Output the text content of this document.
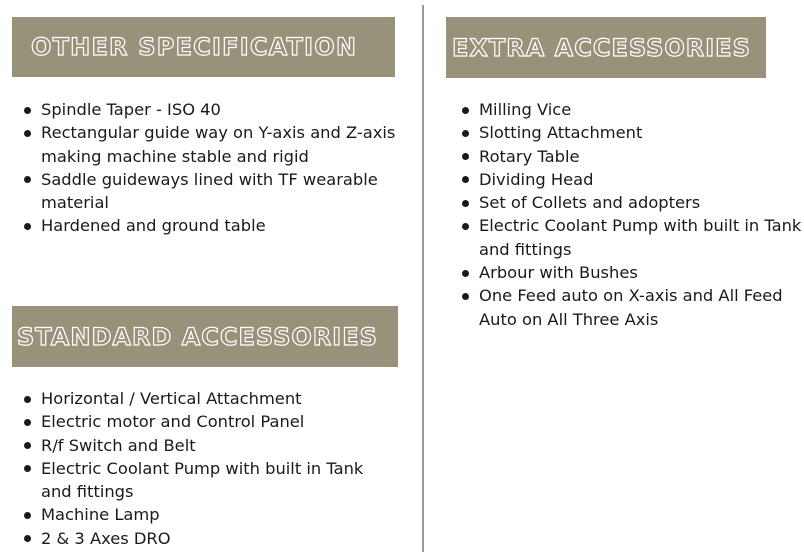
OTHER SPECIFICATION
Spindle Taper - ISO 40
Rectangular guide way on Y-axis and Z-axis making machine stable and rigid
Saddle guideways lined with TF wearable material
Hardened and ground table
STANDARD ACCESSORIES
Horizontal / Vertical Attachment
Electric motor and Control Panel
R/f Switch and Belt
Electric Coolant Pump with built in Tank and fittings
Machine Lamp
2 & 3 Axes DRO
EXTRA ACCESSORIES
Milling Vice
Slotting Attachment
Rotary Table
Dividing Head
Set of Collets and adopters
Electric Coolant Pump with built in Tank and fittings
Arbour with Bushes
One Feed auto on X-axis and All Feed Auto on All Three Axis
